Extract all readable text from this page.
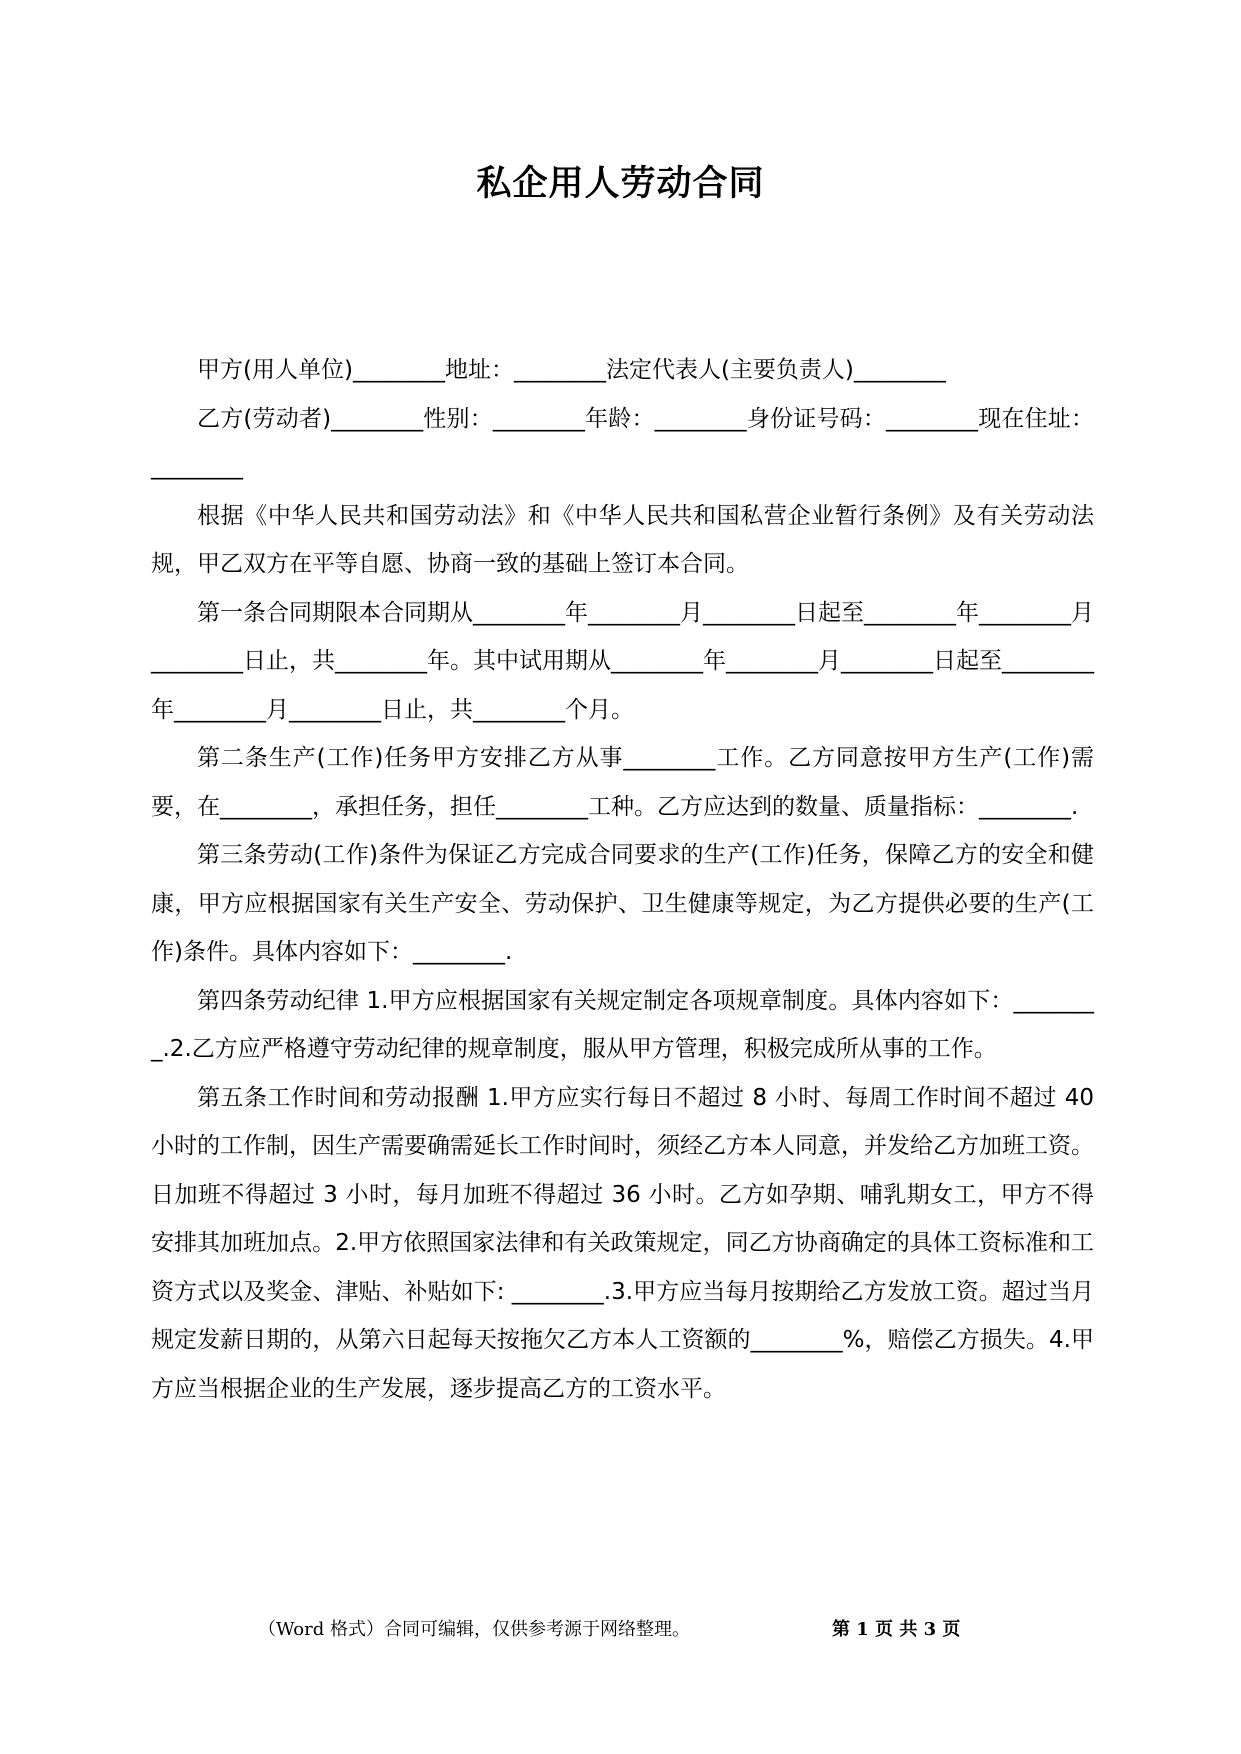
私企用人劳动合同

甲方(用人单位)________地址：________法定代表人(主要负责人)________

乙方(劳动者)________性别：________年龄：________身份证号码：________现在住址：________

根据《中华人民共和国劳动法》和《中华人民共和国私营企业暂行条例》及有关劳动法规，甲乙双方在平等自愿、协商一致的基础上签订本合同。

第一条合同期限本合同期从________年________月________日起至________年________月________日止，共________年。其中试用期从________年________月________日起至________年________月________日止，共________个月。

第二条生产(工作)任务甲方安排乙方从事________工作。乙方同意按甲方生产(工作)需要，在________，承担任务，担任________工种。乙方应达到的数量、质量指标：________.

第三条劳动(工作)条件为保证乙方完成合同要求的生产(工作)任务，保障乙方的安全和健康，甲方应根据国家有关生产安全、劳动保护、卫生健康等规定，为乙方提供必要的生产(工作)条件。具体内容如下：________.

第四条劳动纪律 1.甲方应根据国家有关规定制定各项规章制度。具体内容如下：________.2.乙方应严格遵守劳动纪律的规章制度，服从甲方管理，积极完成所从事的工作。

第五条工作时间和劳动报酬 1.甲方应实行每日不超过 8 小时、每周工作时间不超过 40 小时的工作制，因生产需要确需延长工作时间时，须经乙方本人同意，并发给乙方加班工资。日加班不得超过 3 小时，每月加班不得超过 36 小时。乙方如孕期、哺乳期女工，甲方不得安排其加班加点。2.甲方依照国家法律和有关政策规定，同乙方协商确定的具体工资标准和工资方式以及奖金、津贴、补贴如下: ________.3.甲方应当每月按期给乙方发放工资。超过当月规定发薪日期的，从第六日起每天按拖欠乙方本人工资额的________%，赔偿乙方损失。4.甲方应当根据企业的生产发展，逐步提高乙方的工资水平。

（Word 格式）合同可编辑，仅供参考源于网络整理。	第 1 页 共 3 页
